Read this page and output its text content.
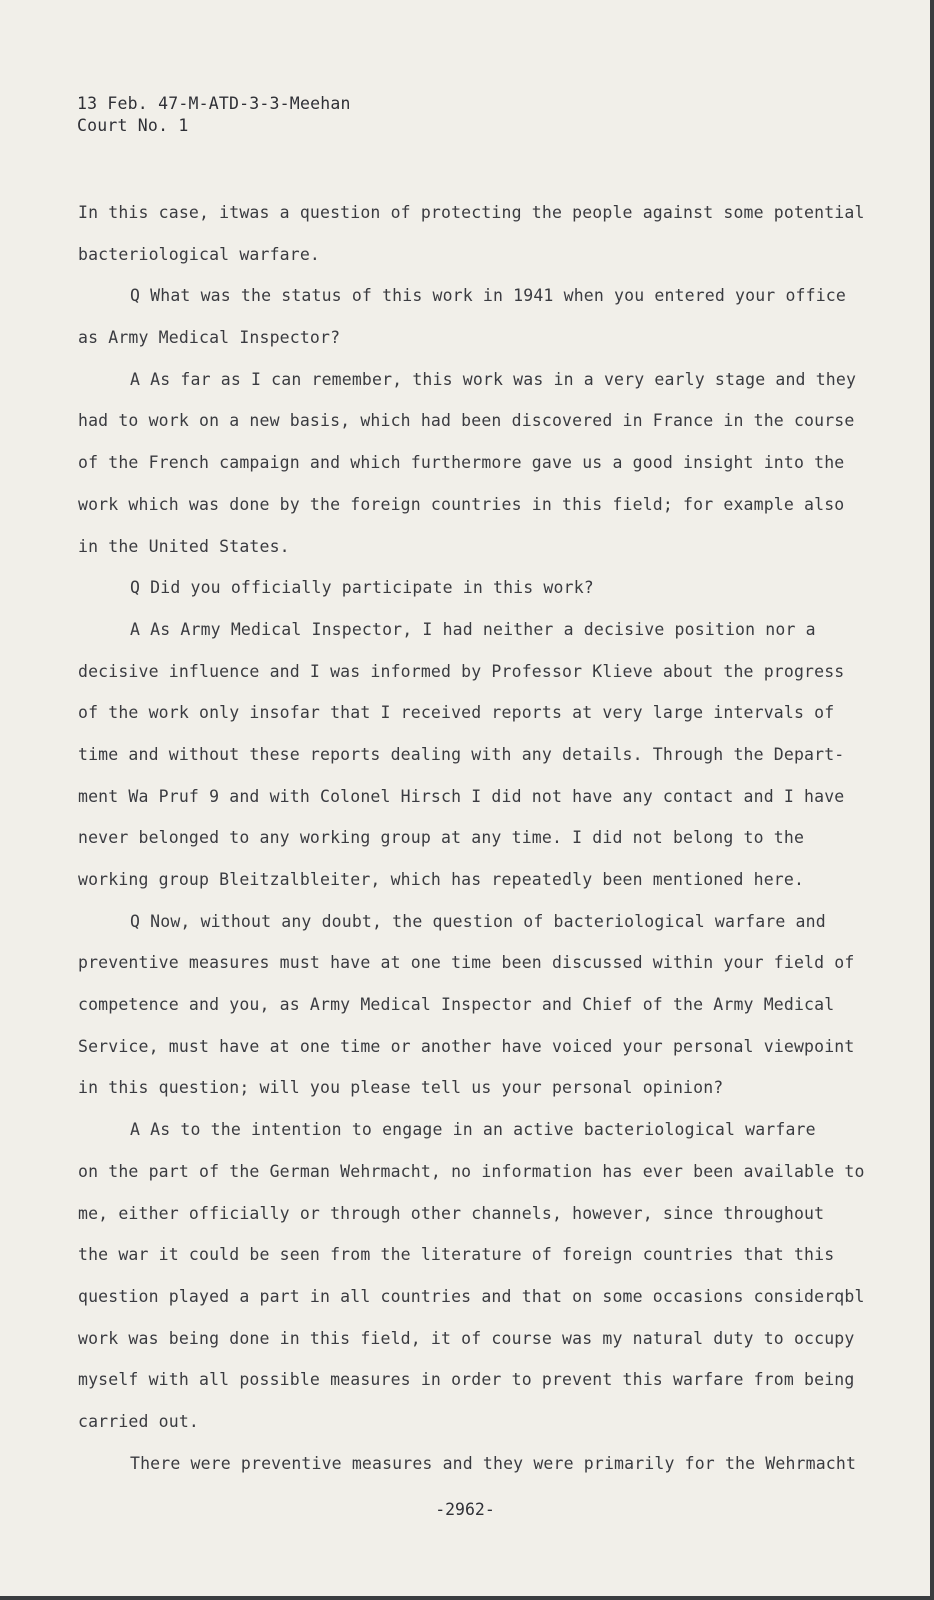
13 Feb. 47-M-ATD-3-3-Meehan
Court No. 1
In this case, itwas a question of protecting the people against some potential
bacteriological warfare.
Q What was the status of this work in 1941 when you entered your office
as Army Medical Inspector?
A As far as I can remember, this work was in a very early stage and they
had to work on a new basis, which had been discovered in France in the course
of the French campaign and which furthermore gave us a good insight into the
work which was done by the foreign countries in this field; for example also
in the United States.
Q Did you officially participate in this work?
A As Army Medical Inspector, I had neither a decisive position nor a
decisive influence and I was informed by Professor Klieve about the progress
of the work only insofar that I received reports at very large intervals of
time and without these reports dealing with any details. Through the Depart-
ment Wa Pruf 9 and with Colonel Hirsch I did not have any contact and I have
never belonged to any working group at any time. I did not belong to the
working group Bleitzalbleiter, which has repeatedly been mentioned here.
Q Now, without any doubt, the question of bacteriological warfare and
preventive measures must have at one time been discussed within your field of
competence and you, as Army Medical Inspector and Chief of the Army Medical
Service, must have at one time or another have voiced your personal viewpoint
in this question; will you please tell us your personal opinion?
A As to the intention to engage in an active bacteriological warfare
on the part of the German Wehrmacht, no information has ever been available to
me, either officially or through other channels, however, since throughout
the war it could be seen from the literature of foreign countries that this
question played a part in all countries and that on some occasions considerqbl
work was being done in this field, it of course was my natural duty to occupy
myself with all possible measures in order to prevent this warfare from being
carried out.
There were preventive measures and they were primarily for the Wehrmacht
-2962-
